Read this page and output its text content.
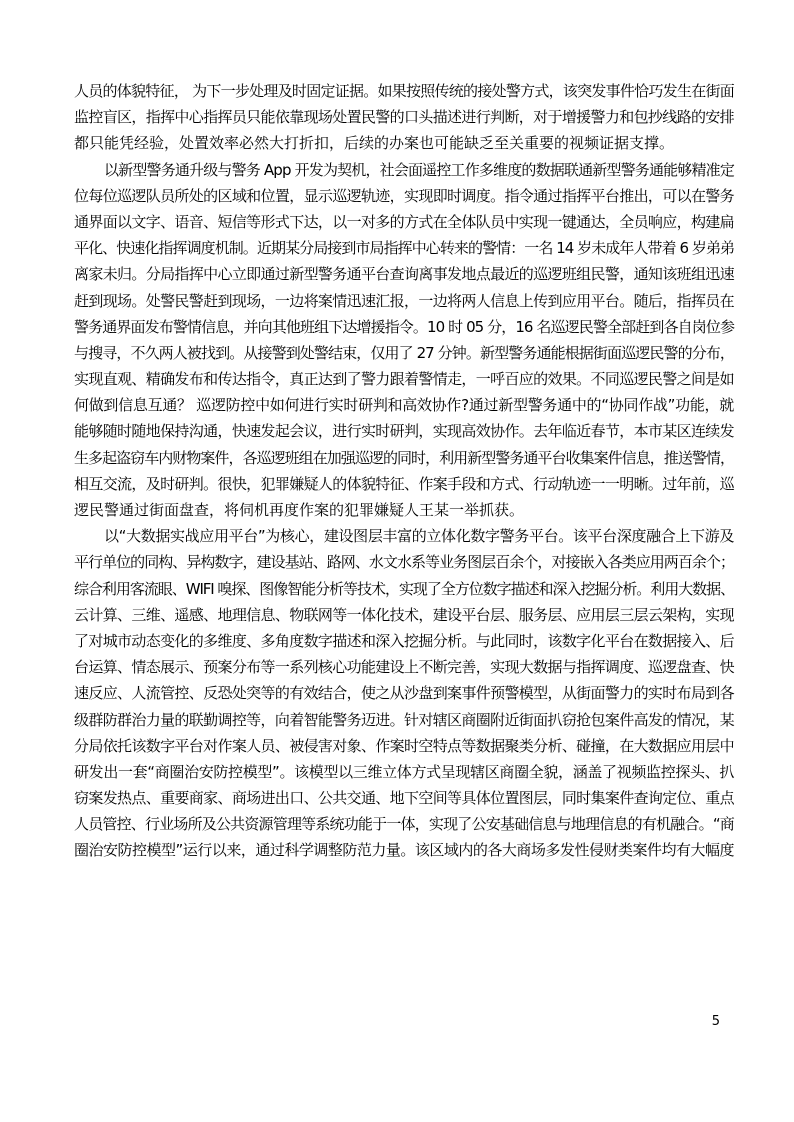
人员的体貌特征， 为下一步处理及时固定证据。如果按照传统的接处警方式，该突发事件恰巧发生在街面
监控盲区，指挥中心指挥员只能依靠现场处置民警的口头描述进行判断，对于增援警力和包抄线路的安排
都只能凭经验，处置效率必然大打折扣，后续的办案也可能缺乏至关重要的视频证据支撑。

以新型警务通升级与警务 App 开发为契机，社会面遥控工作多维度的数据联通新型警务通能够精准定
位每位巡逻队员所处的区域和位置，显示巡逻轨迹，实现即时调度。指令通过指挥平台推出，可以在警务
通界面以文字、语音、短信等形式下达，以一对多的方式在全体队员中实现一键通达，全员响应，构建扁
平化、快速化指挥调度机制。近期某分局接到市局指挥中心转来的警情：一名 14 岁未成年人带着 6 岁弟弟
离家未归。分局指挥中心立即通过新型警务通平台查询离事发地点最近的巡逻班组民警，通知该班组迅速
赶到现场。处警民警赶到现场，一边将案情迅速汇报，一边将两人信息上传到应用平台。随后，指挥员在
警务通界面发布警情信息，并向其他班组下达增援指令。10 时 05 分，16 名巡逻民警全部赶到各自岗位参
与搜寻，不久两人被找到。从接警到处警结束，仅用了 27 分钟。新型警务通能根据街面巡逻民警的分布，
实现直观、精确发布和传达指令，真正达到了警力跟着警情走，一呼百应的效果。不同巡逻民警之间是如
何做到信息互通？ 巡逻防控中如何进行实时研判和高效协作?通过新型警务通中的“协同作战”功能，就
能够随时随地保持沟通，快速发起会议，进行实时研判，实现高效协作。去年临近春节，本市某区连续发
生多起盗窃车内财物案件，各巡逻班组在加强巡逻的同时，利用新型警务通平台收集案件信息，推送警情，
相互交流，及时研判。很快，犯罪嫌疑人的体貌特征、作案手段和方式、行动轨迹一一明晰。过年前，巡
逻民警通过街面盘查，将伺机再度作案的犯罪嫌疑人王某一举抓获。

以“大数据实战应用平台”为核心，建设图层丰富的立体化数字警务平台。该平台深度融合上下游及
平行单位的同构、异构数字，建设基站、路网、水文水系等业务图层百余个，对接嵌入各类应用两百余个；
综合利用客流眼、WIFI 嗅探、图像智能分析等技术，实现了全方位数字描述和深入挖掘分析。利用大数据、
云计算、三维、遥感、地理信息、物联网等一体化技术，建设平台层、服务层、应用层三层云架构，实现
了对城市动态变化的多维度、多角度数字描述和深入挖掘分析。与此同时，该数字化平台在数据接入、后
台运算、情态展示、预案分布等一系列核心功能建设上不断完善，实现大数据与指挥调度、巡逻盘查、快
速反应、人流管控、反恐处突等的有效结合，使之从沙盘到案事件预警模型，从街面警力的实时布局到各
级群防群治力量的联勤调控等，向着智能警务迈进。针对辖区商圈附近街面扒窃抢包案件高发的情况，某
分局依托该数字平台对作案人员、被侵害对象、作案时空特点等数据聚类分析、碰撞，在大数据应用层中
研发出一套“商圈治安防控模型”。该模型以三维立体方式呈现辖区商圈全貌，涵盖了视频监控探头、扒
窃案发热点、重要商家、商场进出口、公共交通、地下空间等具体位置图层，同时集案件查询定位、重点
人员管控、行业场所及公共资源管理等系统功能于一体，实现了公安基础信息与地理信息的有机融合。“商
圈治安防控模型”运行以来，通过科学调整防范力量。该区域内的各大商场多发性侵财类案件均有大幅度

5
